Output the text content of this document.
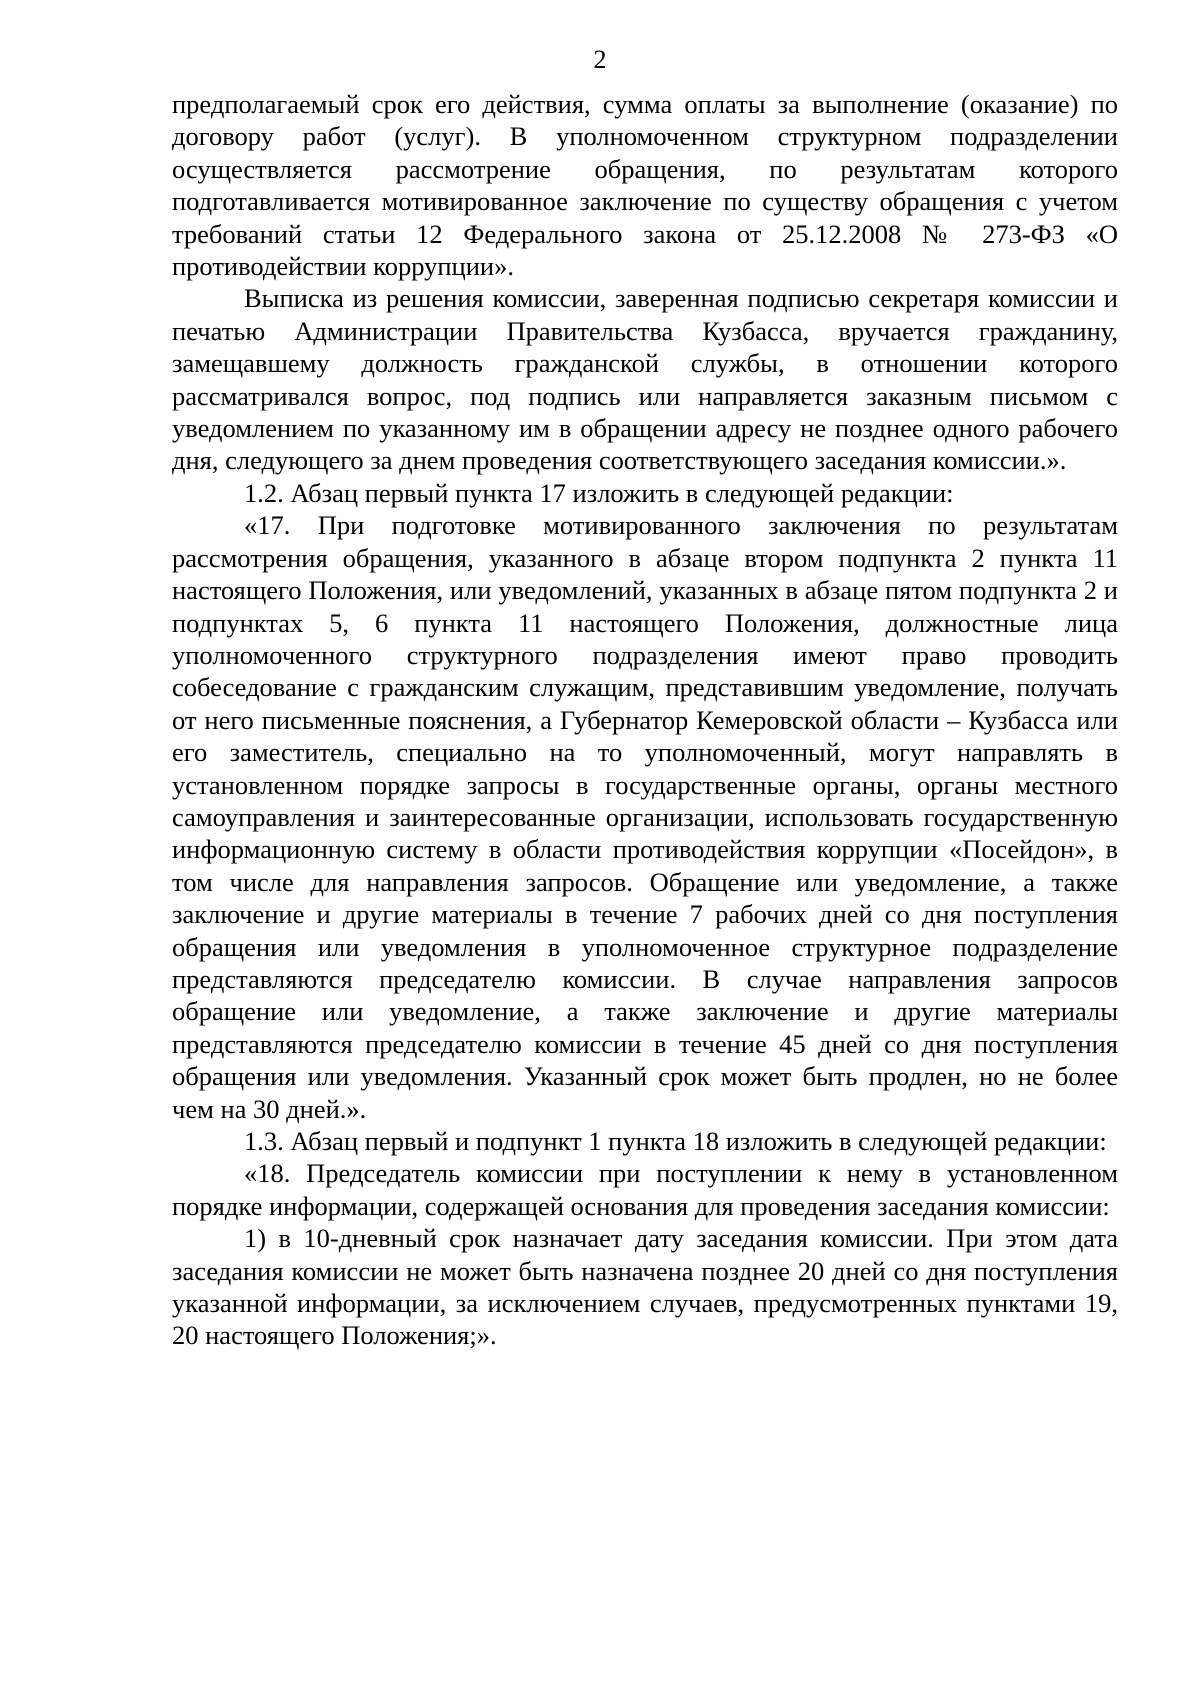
2

предполагаемый срок его действия, сумма оплаты за выполнение (оказание) по договору работ (услуг). В уполномоченном структурном подразделении осуществляется рассмотрение обращения, по результатам которого подготавливается мотивированное заключение по существу обращения с учетом требований статьи 12 Федерального закона от 25.12.2008 № 273-ФЗ «О противодействии коррупции».

Выписка из решения комиссии, заверенная подписью секретаря комиссии и печатью Администрации Правительства Кузбасса, вручается гражданину, замещавшему должность гражданской службы, в отношении которого рассматривался вопрос, под подпись или направляется заказным письмом с уведомлением по указанному им в обращении адресу не позднее одного рабочего дня, следующего за днем проведения соответствующего заседания комиссии.».

1.2. Абзац первый пункта 17 изложить в следующей редакции:

«17. При подготовке мотивированного заключения по результатам рассмотрения обращения, указанного в абзаце втором подпункта 2 пункта 11 настоящего Положения, или уведомлений, указанных в абзаце пятом подпункта 2 и подпунктах 5, 6 пункта 11 настоящего Положения, должностные лица уполномоченного структурного подразделения имеют право проводить собеседование с гражданским служащим, представившим уведомление, получать от него письменные пояснения, а Губернатор Кемеровской области – Кузбасса или его заместитель, специально на то уполномоченный, могут направлять в установленном порядке запросы в государственные органы, органы местного самоуправления и заинтересованные организации, использовать государственную информационную систему в области противодействия коррупции «Посейдон», в том числе для направления запросов. Обращение или уведомление, а также заключение и другие материалы в течение 7 рабочих дней со дня поступления обращения или уведомления в уполномоченное структурное подразделение представляются председателю комиссии. В случае направления запросов обращение или уведомление, а также заключение и другие материалы представляются председателю комиссии в течение 45 дней со дня поступления обращения или уведомления. Указанный срок может быть продлен, но не более чем на 30 дней.».

1.3. Абзац первый и подпункт 1 пункта 18 изложить в следующей редакции:

«18. Председатель комиссии при поступлении к нему в установленном порядке информации, содержащей основания для проведения заседания комиссии:

1) в 10-дневный срок назначает дату заседания комиссии. При этом дата заседания комиссии не может быть назначена позднее 20 дней со дня поступления указанной информации, за исключением случаев, предусмотренных пунктами 19, 20 настоящего Положения;».
